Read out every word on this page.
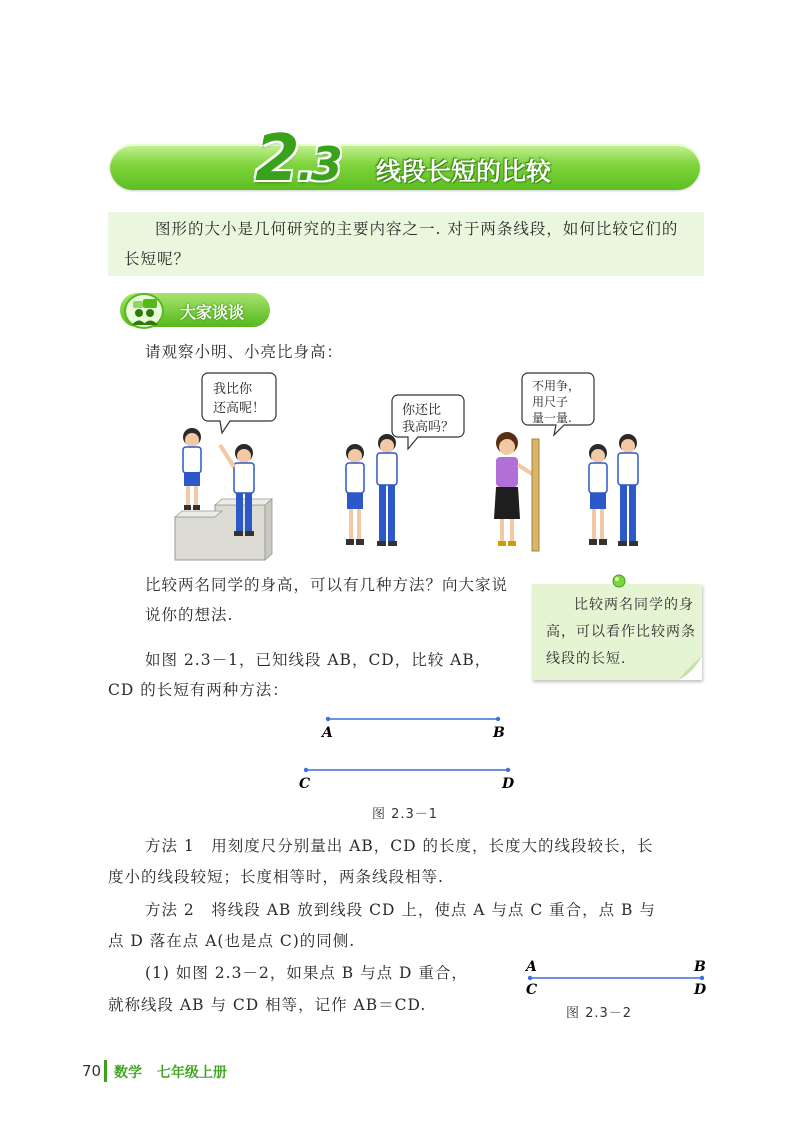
2.3 线段长短的比较
图形的大小是几何研究的主要内容之一. 对于两条线段，如何比较它们的长短呢？
大家谈谈
请观察小明、小亮比身高：
我比你
还高呢！	你还比
我高吗？
不用争，
用尺子
量一量.
比较两名同学的身高，可以有几种方法？向大家说说你的想法.
比较两名同学的身高，可以看作比较两条线段的长短.
如图 2.3－1，已知线段 AB，CD，比较 AB，
CD 的长短有两种方法：
A	B
C	D
图 2.3－1
方法 1　用刻度尺分别量出 AB，CD 的长度，长度大的线段较长，长
度小的线段较短；长度相等时，两条线段相等.
方法 2　将线段 AB 放到线段 CD 上，使点 A 与点 C 重合，点 B 与
点 D 落在点 A(也是点 C)的同侧.
(1) 如图 2.3－2，如果点 B 与点 D 重合，
就称线段 AB 与 CD 相等，记作 AB＝CD.
A	B
C	D
图 2.3－2
70 数学 七年级上册
